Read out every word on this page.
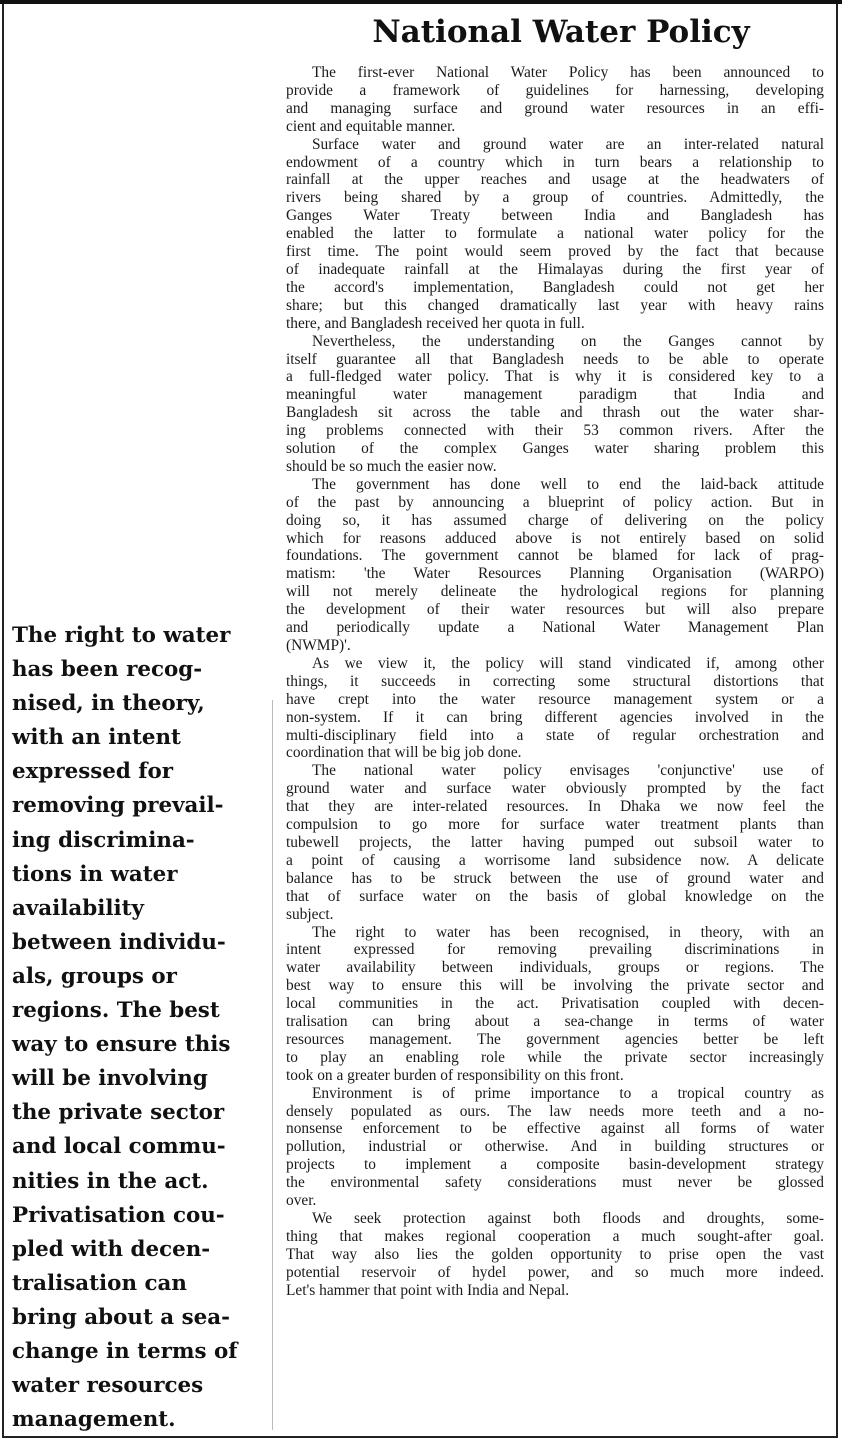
The right to water
has been recog-
nised, in theory,
with an intent
expressed for
removing prevail-
ing discrimina-
tions in water
availability
between individu-
als, groups or
regions. The best
way to ensure this
will be involving
the private sector
and local commu-
nities in the act.
Privatisation cou-
pled with decen-
tralisation can
bring about a sea-
change in terms of
water resources
management.
National Water Policy
The first-ever National Water Policy has been announced to
provide a framework of guidelines for harnessing, developing
and managing surface and ground water resources in an effi-
cient and equitable manner.
Surface water and ground water are an inter-related natural
endowment of a country which in turn bears a relationship to
rainfall at the upper reaches and usage at the headwaters of
rivers being shared by a group of countries. Admittedly, the
Ganges Water Treaty between India and Bangladesh has
enabled the latter to formulate a national water policy for the
first time. The point would seem proved by the fact that because
of inadequate rainfall at the Himalayas during the first year of
the accord's implementation, Bangladesh could not get her
share; but this changed dramatically last year with heavy rains
there, and Bangladesh received her quota in full.
Nevertheless, the understanding on the Ganges cannot by
itself guarantee all that Bangladesh needs to be able to operate
a full-fledged water policy. That is why it is considered key to a
meaningful water management paradigm that India and
Bangladesh sit across the table and thrash out the water shar-
ing problems connected with their 53 common rivers. After the
solution of the complex Ganges water sharing problem this
should be so much the easier now.
The government has done well to end the laid-back attitude
of the past by announcing a blueprint of policy action. But in
doing so, it has assumed charge of delivering on the policy
which for reasons adduced above is not entirely based on solid
foundations. The government cannot be blamed for lack of prag-
matism: 'the Water Resources Planning Organisation (WARPO)
will not merely delineate the hydrological regions for planning
the development of their water resources but will also prepare
and periodically update a National Water Management Plan
(NWMP)'.
As we view it, the policy will stand vindicated if, among other
things, it succeeds in correcting some structural distortions that
have crept into the water resource management system or a
non-system. If it can bring different agencies involved in the
multi-disciplinary field into a state of regular orchestration and
coordination that will be big job done.
The national water policy envisages 'conjunctive' use of
ground water and surface water obviously prompted by the fact
that they are inter-related resources. In Dhaka we now feel the
compulsion to go more for surface water treatment plants than
tubewell projects, the latter having pumped out subsoil water to
a point of causing a worrisome land subsidence now. A delicate
balance has to be struck between the use of ground water and
that of surface water on the basis of global knowledge on the
subject.
The right to water has been recognised, in theory, with an
intent expressed for removing prevailing discriminations in
water availability between individuals, groups or regions. The
best way to ensure this will be involving the private sector and
local communities in the act. Privatisation coupled with decen-
tralisation can bring about a sea-change in terms of water
resources management. The government agencies better be left
to play an enabling role while the private sector increasingly
took on a greater burden of responsibility on this front.
Environment is of prime importance to a tropical country as
densely populated as ours. The law needs more teeth and a no-
nonsense enforcement to be effective against all forms of water
pollution, industrial or otherwise. And in building structures or
projects to implement a composite basin-development strategy
the environmental safety considerations must never be glossed
over.
We seek protection against both floods and droughts, some-
thing that makes regional cooperation a much sought-after goal.
That way also lies the golden opportunity to prise open the vast
potential reservoir of hydel power, and so much more indeed.
Let's hammer that point with India and Nepal.
